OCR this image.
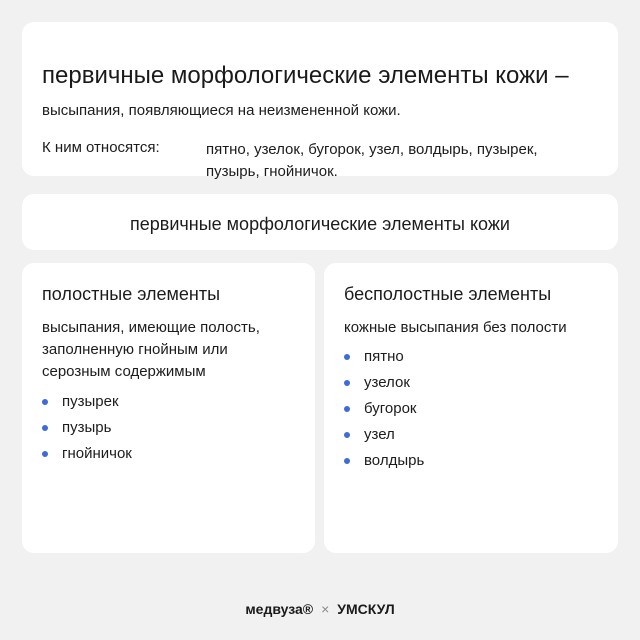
первичные морфологические элементы кожи –
высыпания, появляющиеся на неизмененной кожи.
К ним относятся:	пятно, узелок, бугорок, узел, волдырь, пузырек, пузырь, гнойничок.
первичные морфологические элементы кожи
полостные элементы
высыпания, имеющие полость, заполненную гнойным или серозным содержимым
пузырек
пузырь
гнойничок
бесполостные элементы
кожные высыпания без полости
пятно
узелок
бугорок
узел
волдырь
медвуза® × УМСКУЛ
